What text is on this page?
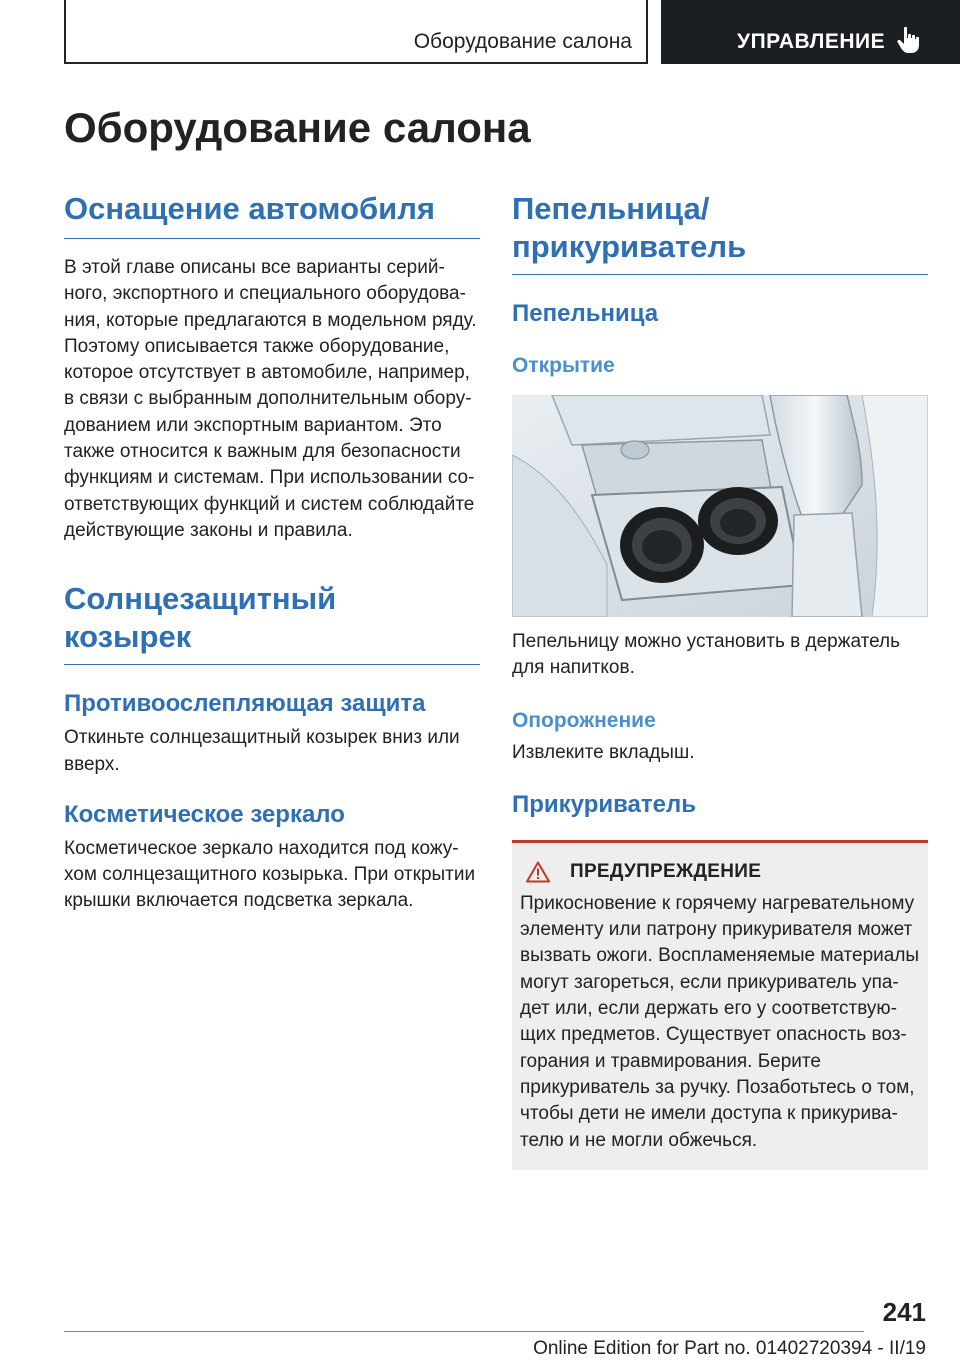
Оборудование салона	УПРАВЛЕНИЕ
Оборудование салона
Оснащение автомобиля

В этой главе описаны все варианты серий-

ного, экспортного и специального оборудова-

ния, которые предлагаются в модельном ряду.

Поэтому описывается также оборудование,

которое отсутствует в автомобиле, например,

в связи с выбранным дополнительным обору-

дованием или экспортным вариантом. Это

также относится к важным для безопасности

функциям и системам. При использовании со-

ответствующих функций и систем соблюдайте

действующие законы и правила.

Солнцезащитный
козырек
Противоослепляющая защита

Откиньте солнцезащитный козырек вниз или

вверх.

Косметическое зеркало

Косметическое зеркало находится под кожу-

хом солнцезащитного козырька. При открытии

крышки включается подсветка зеркала.

Пепельница/
прикуриватель
Пепельница
Открытие

Пепельницу можно установить в держатель

для напитков.

Опорожнение

Извлеките вкладыш.

Прикуриватель
ПРЕДУПРЕЖДЕНИЕ

Прикосновение к горячему нагревательному

элементу или патрону прикуривателя может

вызвать ожоги. Воспламеняемые материалы

могут загореться, если прикуриватель упа-

дет или, если держать его у соответствую-

щих предметов. Существует опасность воз-

горания и травмирования. Берите

прикуриватель за ручку. Позаботьтесь о том,

чтобы дети не имели доступа к прикурива-

телю и не могли обжечься.

241
Online Edition for Part no. 01402720394 - II/19
